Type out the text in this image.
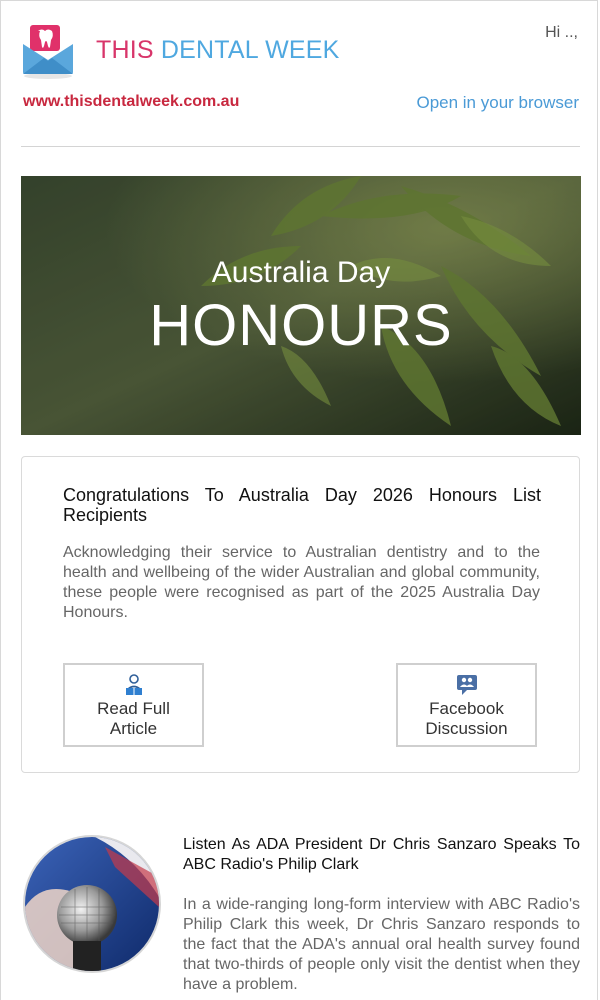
THIS DENTAL WEEK
Hi ..,
www.thisdentalweek.com.au	Open in your browser
Australia Day
HONOURS
Congratulations To Australia Day 2026 Honours List Recipients
Acknowledging their service to Australian dentistry and to the health and wellbeing of the wider Australian and global community, these people were recognised as part of the 2025 Australia Day Honours.
Read Full
Article
Facebook
Discussion
Listen As ADA President Dr Chris Sanzaro Speaks To ABC Radio's Philip Clark
In a wide-ranging long-form interview with ABC Radio's Philip Clark this week, Dr Chris Sanzaro responds to the fact that the ADA's annual oral health survey found that two-thirds of people only visit the dentist when they have a problem.
